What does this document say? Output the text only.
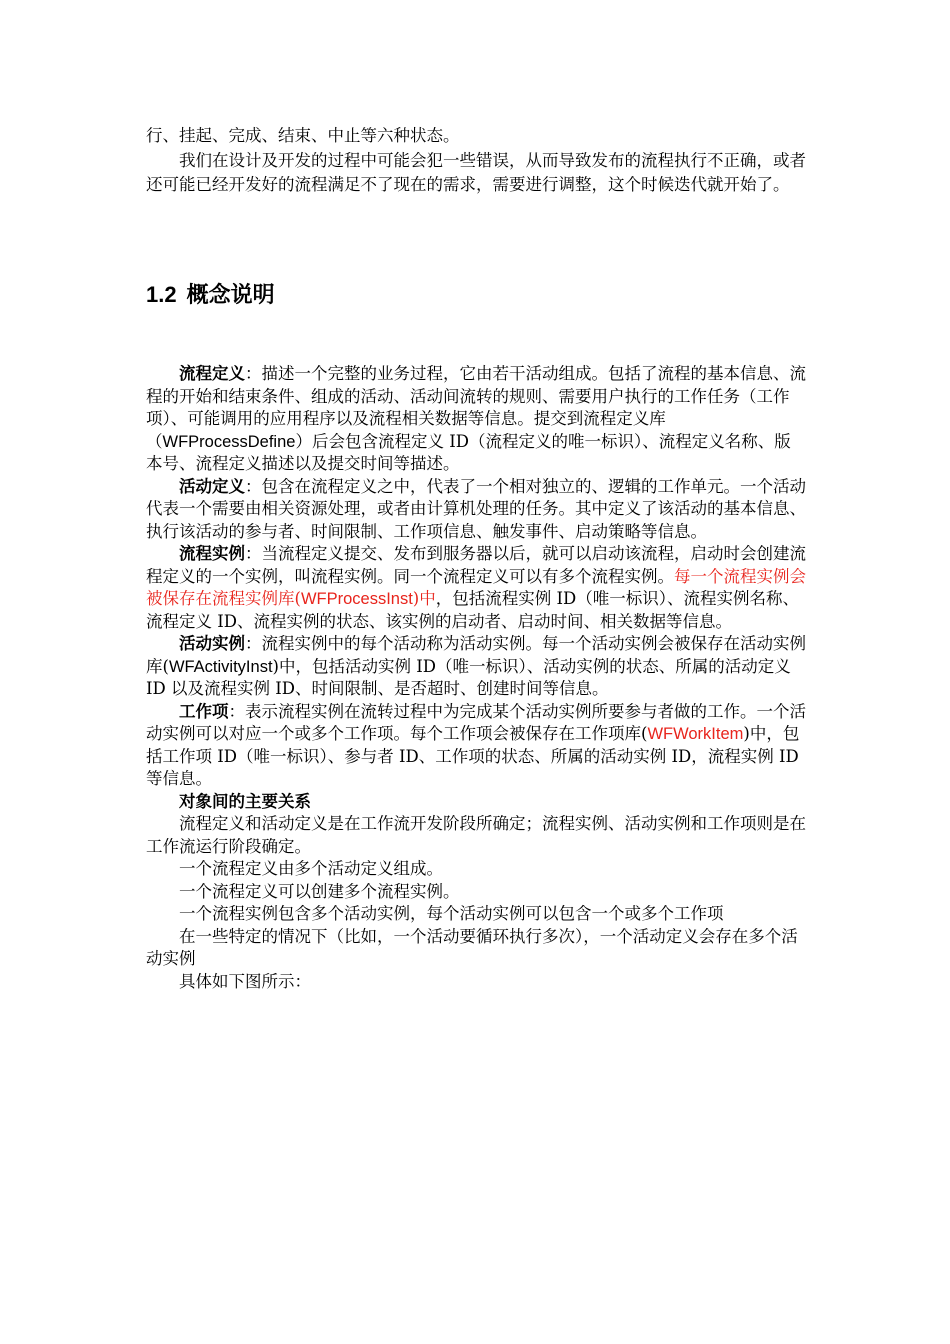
行、挂起、完成、结束、中止等六种状态。

我们在设计及开发的过程中可能会犯一些错误，从而导致发布的流程执行不正确，或者还可能已经开发好的流程满足不了现在的需求，需要进行调整，这个时候迭代就开始了。

1.2 概念说明

流程定义：描述一个完整的业务过程，它由若干活动组成。包括了流程的基本信息、流程的开始和结束条件、组成的活动、活动间流转的规则、需要用户执行的工作任务（工作项）、可能调用的应用程序以及流程相关数据等信息。提交到流程定义库（WFProcessDefine）后会包含流程定义 ID（流程定义的唯一标识）、流程定义名称、版本号、流程定义描述以及提交时间等描述。

活动定义：包含在流程定义之中，代表了一个相对独立的、逻辑的工作单元。一个活动代表一个需要由相关资源处理，或者由计算机处理的任务。其中定义了该活动的基本信息、执行该活动的参与者、时间限制、工作项信息、触发事件、启动策略等信息。

流程实例：当流程定义提交、发布到服务器以后，就可以启动该流程，启动时会创建流程定义的一个实例，叫流程实例。同一个流程定义可以有多个流程实例。每一个流程实例会被保存在流程实例库(WFProcessInst)中，包括流程实例 ID（唯一标识）、流程实例名称、流程定义 ID、流程实例的状态、该实例的启动者、启动时间、相关数据等信息。

活动实例：流程实例中的每个活动称为活动实例。每一个活动实例会被保存在活动实例库(WFActivityInst)中，包括活动实例 ID（唯一标识）、活动实例的状态、所属的活动定义 ID 以及流程实例 ID、时间限制、是否超时、创建时间等信息。

工作项：表示流程实例在流转过程中为完成某个活动实例所要参与者做的工作。一个活动实例可以对应一个或多个工作项。每个工作项会被保存在工作项库(WFWorkItem)中，包括工作项 ID（唯一标识）、参与者 ID、工作项的状态、所属的活动实例 ID，流程实例 ID 等信息。

对象间的主要关系

流程定义和活动定义是在工作流开发阶段所确定；流程实例、活动实例和工作项则是在工作流运行阶段确定。

一个流程定义由多个活动定义组成。

一个流程定义可以创建多个流程实例。

一个流程实例包含多个活动实例，每个活动实例可以包含一个或多个工作项

在一些特定的情况下（比如，一个活动要循环执行多次），一个活动定义会存在多个活动实例

具体如下图所示：
